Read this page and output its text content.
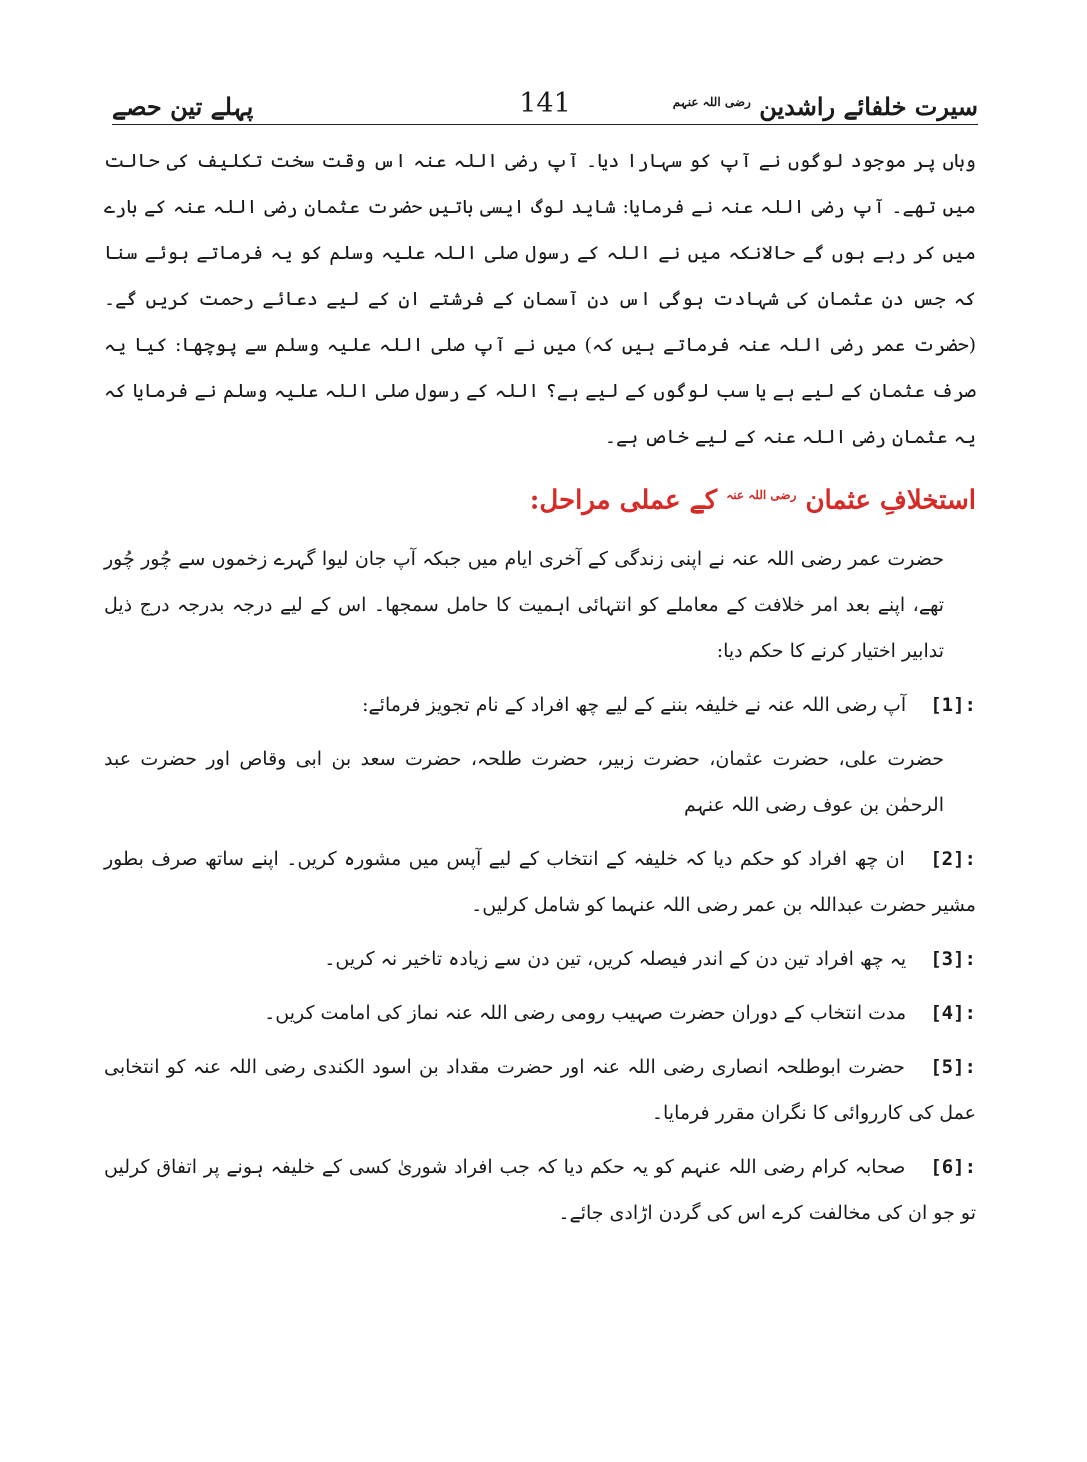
سیرت خلفائے راشدین $^{رضی اللہ عنہم}$
141
پہلے تین حصے

وہاں پر موجود لوگوں نے آپ کو سہارا دیا۔ آپ رضی اللہ عنہ اس وقت سخت تکلیف کی حالت میں تھے۔ آپ رضی اللہ عنہ نے فرمایا: شاید لوگ ایسی باتیں حضرت عثمان رضی اللہ عنہ کے بارے میں کر رہے ہوں گے حالانکہ میں نے اللہ کے رسول صلی اللہ علیہ وسلم کو یہ فرماتے ہوئے سنا کہ جس دن عثمان کی شہادت ہوگی اس دن آسمان کے فرشتے ان کے لیے دعائے رحمت کریں گے۔ (حضرت عمر رضی اللہ عنہ فرماتے ہیں کہ) میں نے آپ صلی اللہ علیہ وسلم سے پوچھا: کیا یہ صرف عثمان کے لیے ہے یا سب لوگوں کے لیے ہے؟ اللہ کے رسول صلی اللہ علیہ وسلم نے فرمایا کہ یہ عثمان رضی اللہ عنہ کے لیے خاص ہے۔

استخلافِ عثمان $^{رضی اللہ عنہ}$ کے عملی مراحل:

حضرت عمر رضی اللہ عنہ نے اپنی زندگی کے آخری ایام میں جبکہ آپ جان لیوا گہرے زخموں سے چُور چُور تھے، اپنے بعد امر خلافت کے معاملے کو انتہائی اہمیت کا حامل سمجھا۔ اس کے لیے درجہ بدرجہ درج ذیل تدابیر اختیار کرنے کا حکم دیا:

[1]: آپ رضی اللہ عنہ نے خلیفہ بننے کے لیے چھ افراد کے نام تجویز فرمائے:

حضرت علی، حضرت عثمان، حضرت زبیر، حضرت طلحہ، حضرت سعد بن ابی وقاص اور حضرت عبد الرحمٰن بن عوف رضی اللہ عنہم

[2]: ان چھ افراد کو حکم دیا کہ خلیفہ کے انتخاب کے لیے آپس میں مشورہ کریں۔ اپنے ساتھ صرف بطور مشیر حضرت عبداللہ بن عمر رضی اللہ عنہما کو شامل کرلیں۔
[3]: یہ چھ افراد تین دن کے اندر فیصلہ کریں، تین دن سے زیادہ تاخیر نہ کریں۔
[4]: مدت انتخاب کے دوران حضرت صہیب رومی رضی اللہ عنہ نماز کی امامت کریں۔
[5]: حضرت ابوطلحہ انصاری رضی اللہ عنہ اور حضرت مقداد بن اسود الکندی رضی اللہ عنہ کو انتخابی عمل کی کارروائی کا نگران مقرر فرمایا۔
[6]: صحابہ کرام رضی اللہ عنہم کو یہ حکم دیا کہ جب افراد شوریٰ کسی کے خلیفہ ہونے پر اتفاق کرلیں تو جو ان کی مخالفت کرے اس کی گردن اڑادی جائے۔
